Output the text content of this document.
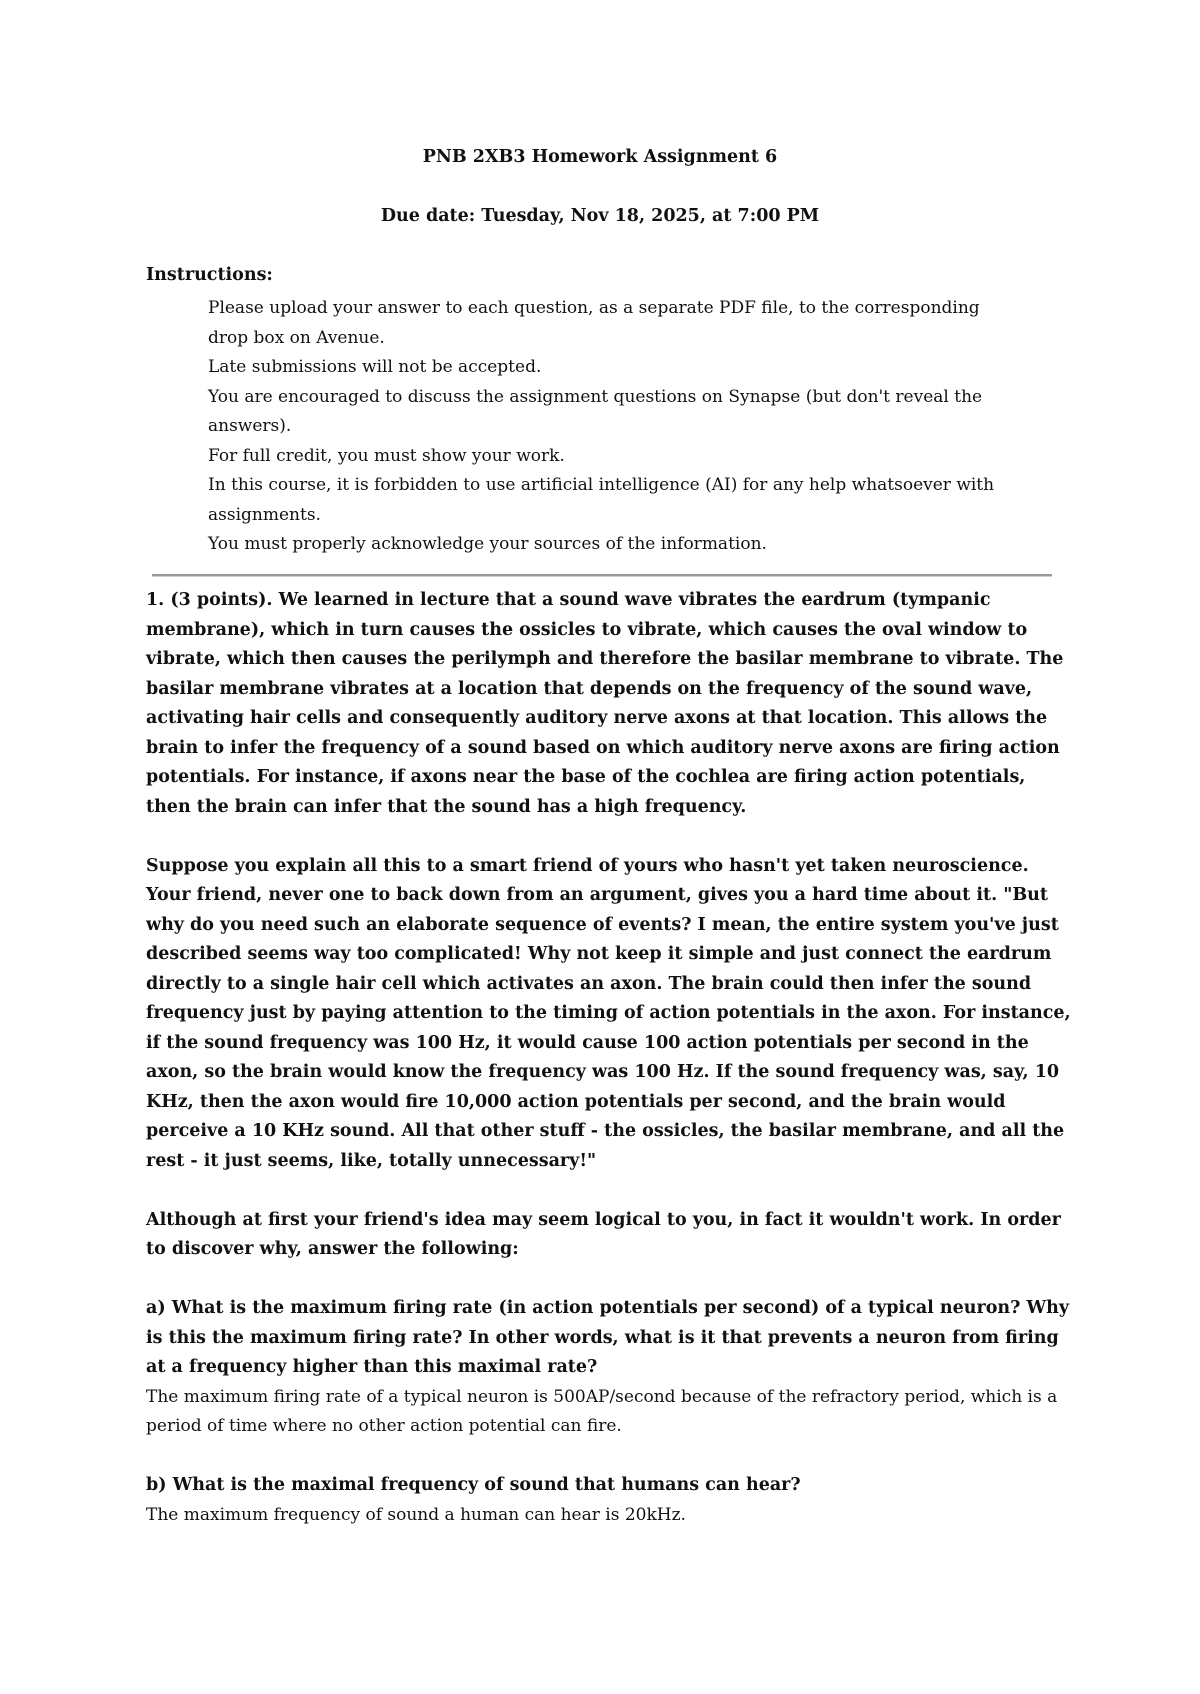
PNB 2XB3 Homework Assignment 6
Due date: Tuesday, Nov 18, 2025, at 7:00 PM
Instructions:
Please upload your answer to each question, as a separate PDF file, to the corresponding drop box on Avenue.
Late submissions will not be accepted.
You are encouraged to discuss the assignment questions on Synapse (but don't reveal the answers).
For full credit, you must show your work.
In this course, it is forbidden to use artificial intelligence (AI) for any help whatsoever with assignments.
You must properly acknowledge your sources of the information.

1. (3 points). We learned in lecture that a sound wave vibrates the eardrum (tympanic membrane), which in turn causes the ossicles to vibrate, which causes the oval window to vibrate, which then causes the perilymph and therefore the basilar membrane to vibrate. The basilar membrane vibrates at a location that depends on the frequency of the sound wave, activating hair cells and consequently auditory nerve axons at that location. This allows the brain to infer the frequency of a sound based on which auditory nerve axons are firing action potentials. For instance, if axons near the base of the cochlea are firing action potentials, then the brain can infer that the sound has a high frequency.

Suppose you explain all this to a smart friend of yours who hasn't yet taken neuroscience. Your friend, never one to back down from an argument, gives you a hard time about it. "But why do you need such an elaborate sequence of events? I mean, the entire system you've just described seems way too complicated! Why not keep it simple and just connect the eardrum directly to a single hair cell which activates an axon. The brain could then infer the sound frequency just by paying attention to the timing of action potentials in the axon. For instance, if the sound frequency was 100 Hz, it would cause 100 action potentials per second in the axon, so the brain would know the frequency was 100 Hz. If the sound frequency was, say, 10 KHz, then the axon would fire 10,000 action potentials per second, and the brain would perceive a 10 KHz sound. All that other stuff - the ossicles, the basilar membrane, and all the rest - it just seems, like, totally unnecessary!"

Although at first your friend's idea may seem logical to you, in fact it wouldn't work. In order to discover why, answer the following:

a) What is the maximum firing rate (in action potentials per second) of a typical neuron? Why is this the maximum firing rate? In other words, what is it that prevents a neuron from firing at a frequency higher than this maximal rate?

The maximum firing rate of a typical neuron is 500AP/second because of the refractory period, which is a period of time where no other action potential can fire.

b) What is the maximal frequency of sound that humans can hear?

The maximum frequency of sound a human can hear is 20kHz.
